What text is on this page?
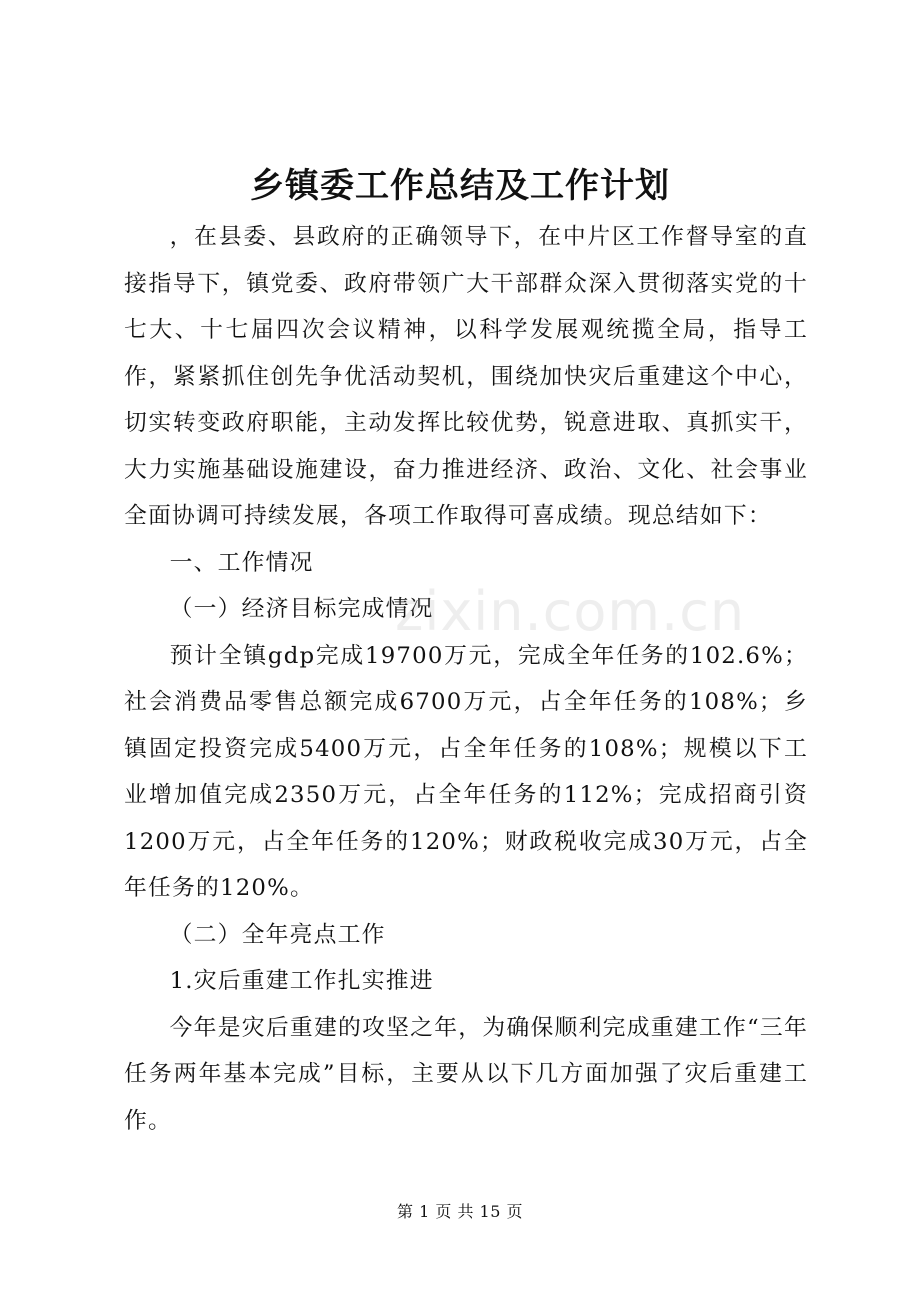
乡镇委工作总结及工作计划

，在县委、县政府的正确领导下，在中片区工作督导室的直接指导下，镇党委、政府带领广大干部群众深入贯彻落实党的十七大、十七届四次会议精神，以科学发展观统揽全局，指导工作，紧紧抓住创先争优活动契机，围绕加快灾后重建这个中心，切实转变政府职能，主动发挥比较优势，锐意进取、真抓实干，大力实施基础设施建设，奋力推进经济、政治、文化、社会事业全面协调可持续发展，各项工作取得可喜成绩。现总结如下：

一、工作情况

（一）经济目标完成情况

预计全镇gdp完成19700万元，完成全年任务的102.6%；社会消费品零售总额完成6700万元，占全年任务的108%；乡镇固定投资完成5400万元，占全年任务的108%；规模以下工业增加值完成2350万元，占全年任务的112%；完成招商引资1200万元，占全年任务的120%；财政税收完成30万元，占全年任务的120%。

（二）全年亮点工作

1.灾后重建工作扎实推进

今年是灾后重建的攻坚之年，为确保顺利完成重建工作“三年任务两年基本完成”目标，主要从以下几方面加强了灾后重建工作。

zixin.com.cn
第 1 页 共 15 页
